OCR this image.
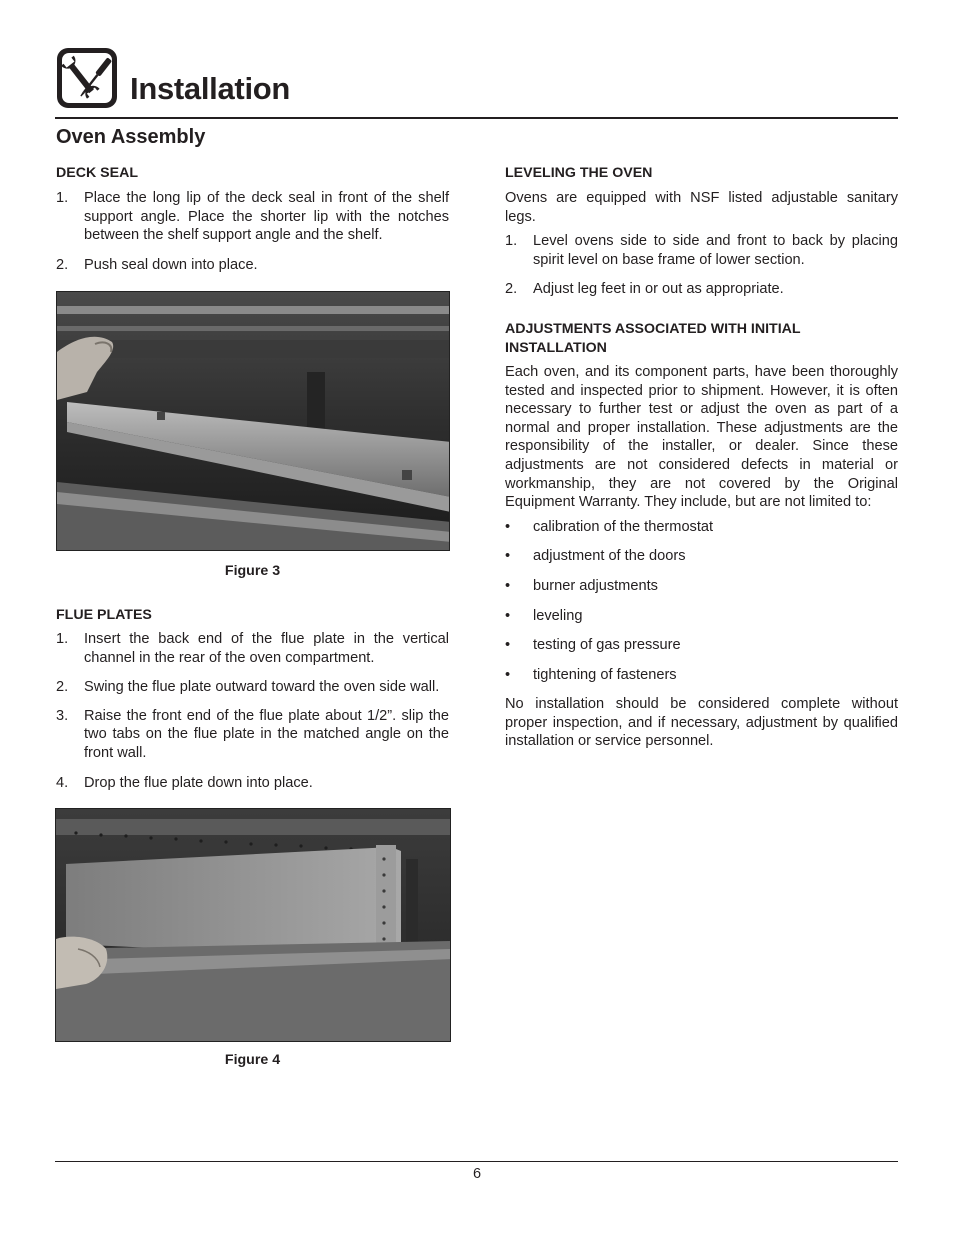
Installation
Oven Assembly

DECK SEAL

1. Place the long lip of the deck seal in front of the shelf support angle. Place the shorter lip with the notches between the shelf support angle and the shelf.
2. Push seal down into place.

Figure 3

FLUE PLATES

1. Insert the back end of the flue plate in the vertical channel in the rear of the oven compartment.
2. Swing the flue plate outward toward the oven side wall.
3. Raise the front end of the flue plate about 1/2”. slip the two tabs on the flue plate in the matched angle on the front wall.
4. Drop the flue plate down into place.

Figure 4

LEVELING THE OVEN

Ovens are equipped with NSF listed adjustable sanitary legs.

1. Level ovens side to side and front to back by placing spirit level on base frame of lower section.
2. Adjust leg feet in or out as appropriate.

ADJUSTMENTS ASSOCIATED WITH INITIAL
INSTALLATION

Each oven, and its component parts, have been thoroughly tested and inspected prior to shipment. However, it is often necessary to further test or adjust the oven as part of a normal and proper installation. These adjustments are the responsibility of the installer, or dealer. Since these adjustments are not considered defects in material or workmanship, they are not covered by the Original Equipment Warranty. They include, but are not limited to:

• calibration of the thermostat
• adjustment of the doors
• burner adjustments
• leveling
• testing of gas pressure
• tightening of fasteners

No installation should be considered complete without proper inspection, and if necessary, adjustment by qualified installation or service personnel.

6
